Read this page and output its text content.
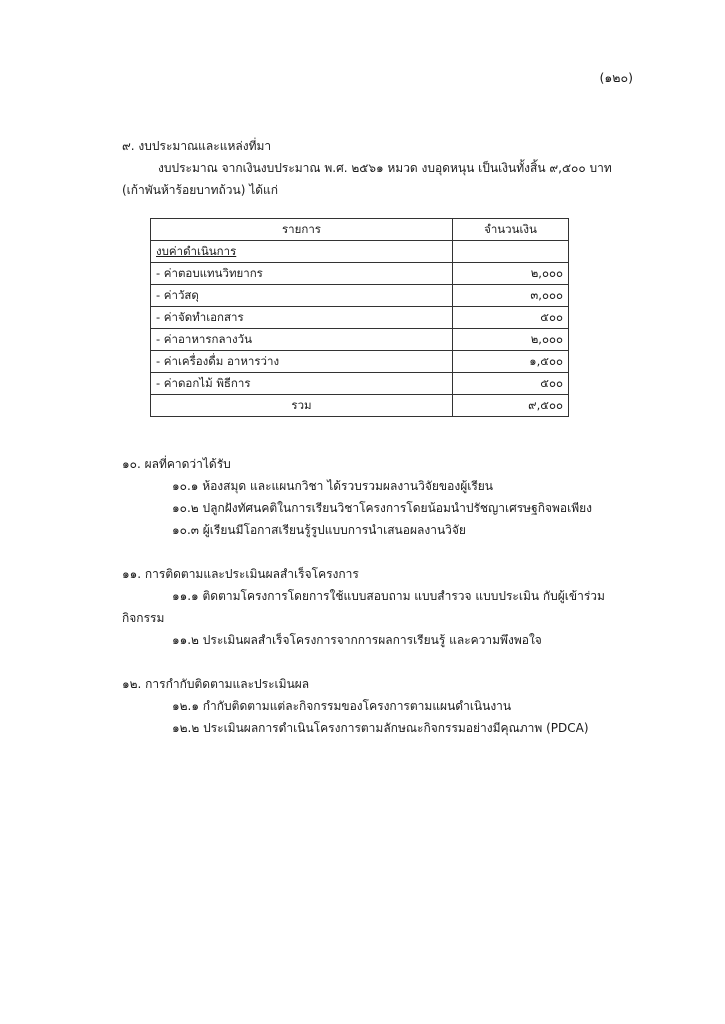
(๑๒๐)
๙. งบประมาณและแหล่งที่มา
งบประมาณ จากเงินงบประมาณ พ.ศ. ๒๕๖๑ หมวด งบอุดหนุน เป็นเงินทั้งสิ้น ๙,๕๐๐ บาท
(เก้าพันห้าร้อยบาทถ้วน) ได้แก่
รายการ	จำนวนเงิน
งบค่าดำเนินการ	
- ค่าตอบแทนวิทยากร	๒,๐๐๐
- ค่าวัสดุ	๓,๐๐๐
- ค่าจัดทำเอกสาร	๕๐๐
- ค่าอาหารกลางวัน	๒,๐๐๐
- ค่าเครื่องดื่ม อาหารว่าง	๑,๕๐๐
- ค่าดอกไม้ พิธีการ	๕๐๐
รวม	๙,๕๐๐
๑๐. ผลที่คาดว่าได้รับ
๑๐.๑ ห้องสมุด และแผนกวิชา ได้รวบรวมผลงานวิจัยของผู้เรียน
๑๐.๒ ปลูกฝังทัศนคติในการเรียนวิชาโครงการโดยน้อมนำปรัชญาเศรษฐกิจพอเพียง
๑๐.๓ ผู้เรียนมีโอกาสเรียนรู้รูปแบบการนำเสนอผลงานวิจัย
๑๑. การติดตามและประเมินผลสำเร็จโครงการ
๑๑.๑ ติดตามโครงการโดยการใช้แบบสอบถาม แบบสำรวจ แบบประเมิน กับผู้เข้าร่วม
กิจกรรม
๑๑.๒ ประเมินผลสำเร็จโครงการจากการผลการเรียนรู้ และความพึงพอใจ
๑๒. การกำกับติดตามและประเมินผล
๑๒.๑ กำกับติดตามแต่ละกิจกรรมของโครงการตามแผนดำเนินงาน
๑๒.๒ ประเมินผลการดำเนินโครงการตามลักษณะกิจกรรมอย่างมีคุณภาพ (PDCA)
